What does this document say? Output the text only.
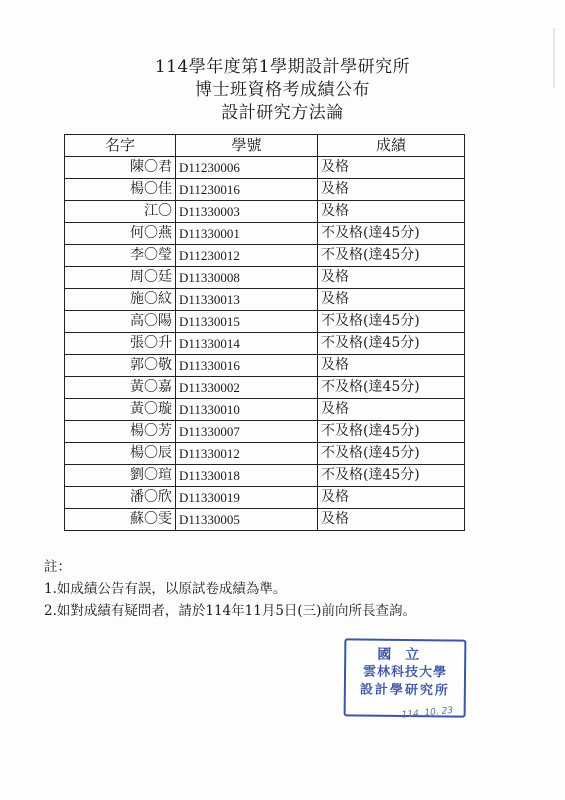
114學年度第1學期設計學研究所
博士班資格考成績公布
設計研究方法論
名字	學號	成績
陳〇君	D11230006	及格
楊〇佳	D11230016	及格
江〇	D11330003	及格
何〇燕	D11330001	不及格(達45分)
李〇瑩	D11230012	不及格(達45分)
周〇廷	D11330008	及格
施〇紋	D11330013	及格
高〇陽	D11330015	不及格(達45分)
張〇升	D11330014	不及格(達45分)
郭〇敬	D11330016	及格
黃〇嘉	D11330002	不及格(達45分)
黃〇璇	D11330010	及格
楊〇芳	D11330007	不及格(達45分)
楊〇辰	D11330012	不及格(達45分)
劉〇瑄	D11330018	不及格(達45分)
潘〇欣	D11330019	及格
蘇〇雯	D11330005	及格
註：
1.如成績公告有誤，以原試卷成績為準。
2.如對成績有疑問者，請於114年11月5日(三)前向所長查詢。
國立
雲林科技大學
設計學研究所
114. 10. 23
